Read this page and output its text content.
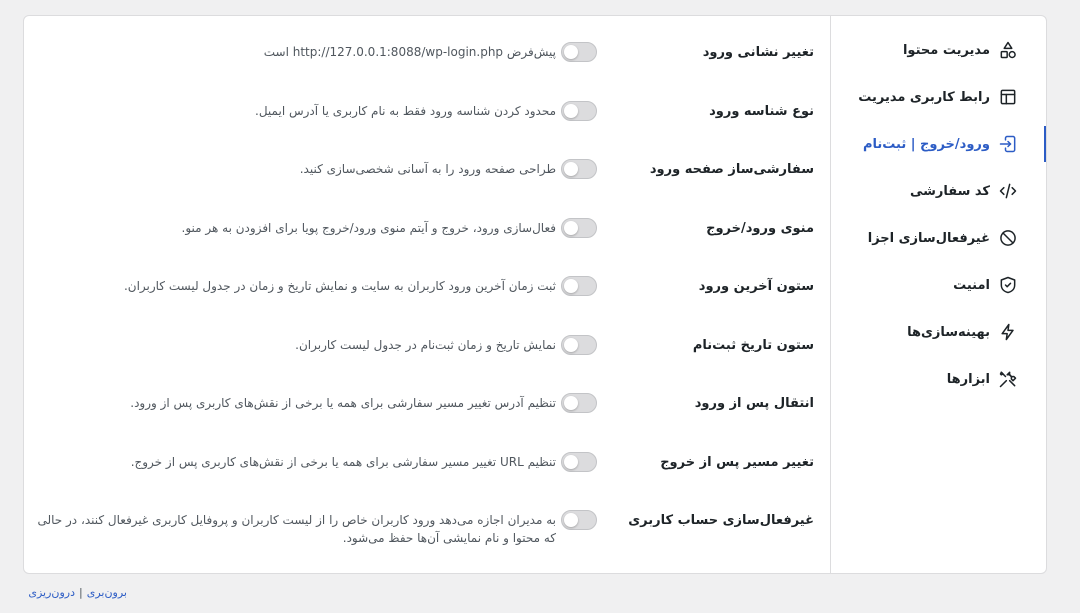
تغییر نشانی ورود
پیش‌فرض http://127.0.0.1:8088/wp-login.php است
نوع شناسه ورود
محدود کردن شناسه ورود فقط به نام کاربری یا آدرس ایمیل.
سفارشی‌ساز صفحه ورود
طراحی صفحه ورود را به آسانی شخصی‌سازی کنید.
منوی ورود/خروج
فعال‌سازی ورود، خروج و آیتم منوی ورود/خروج پویا برای افزودن به هر منو.
ستون آخرین ورود
ثبت زمان آخرین ورود کاربران به سایت و نمایش تاریخ و زمان در جدول لیست کاربران.
ستون تاریخ ثبت‌نام
نمایش تاریخ و زمان ثبت‌نام در جدول لیست کاربران.
انتقال پس از ورود
تنظیم آدرس تغییر مسیر سفارشی برای همه یا برخی از نقش‌های کاربری پس از ورود.
تغییر مسیر پس از خروج
تنظیم URL تغییر مسیر سفارشی برای همه یا برخی از نقش‌های کاربری پس از خروج.
غیرفعال‌سازی حساب کاربری
به مدیران اجازه می‌دهد ورود کاربران خاص را از لیست کاربران و پروفایل کاربری غیرفعال کنند، در حالی که محتوا و نام نمایشی آن‌ها حفظ می‌شود.
مدیریت محتوا
رابط کاربری مدیریت
ورود/خروج | ثبت‌نام
کد سفارشی
غیرفعال‌سازی اجزا
امنیت
بهینه‌سازی‌ها
ابزارها
برون‌بری|درون‌ریزی
